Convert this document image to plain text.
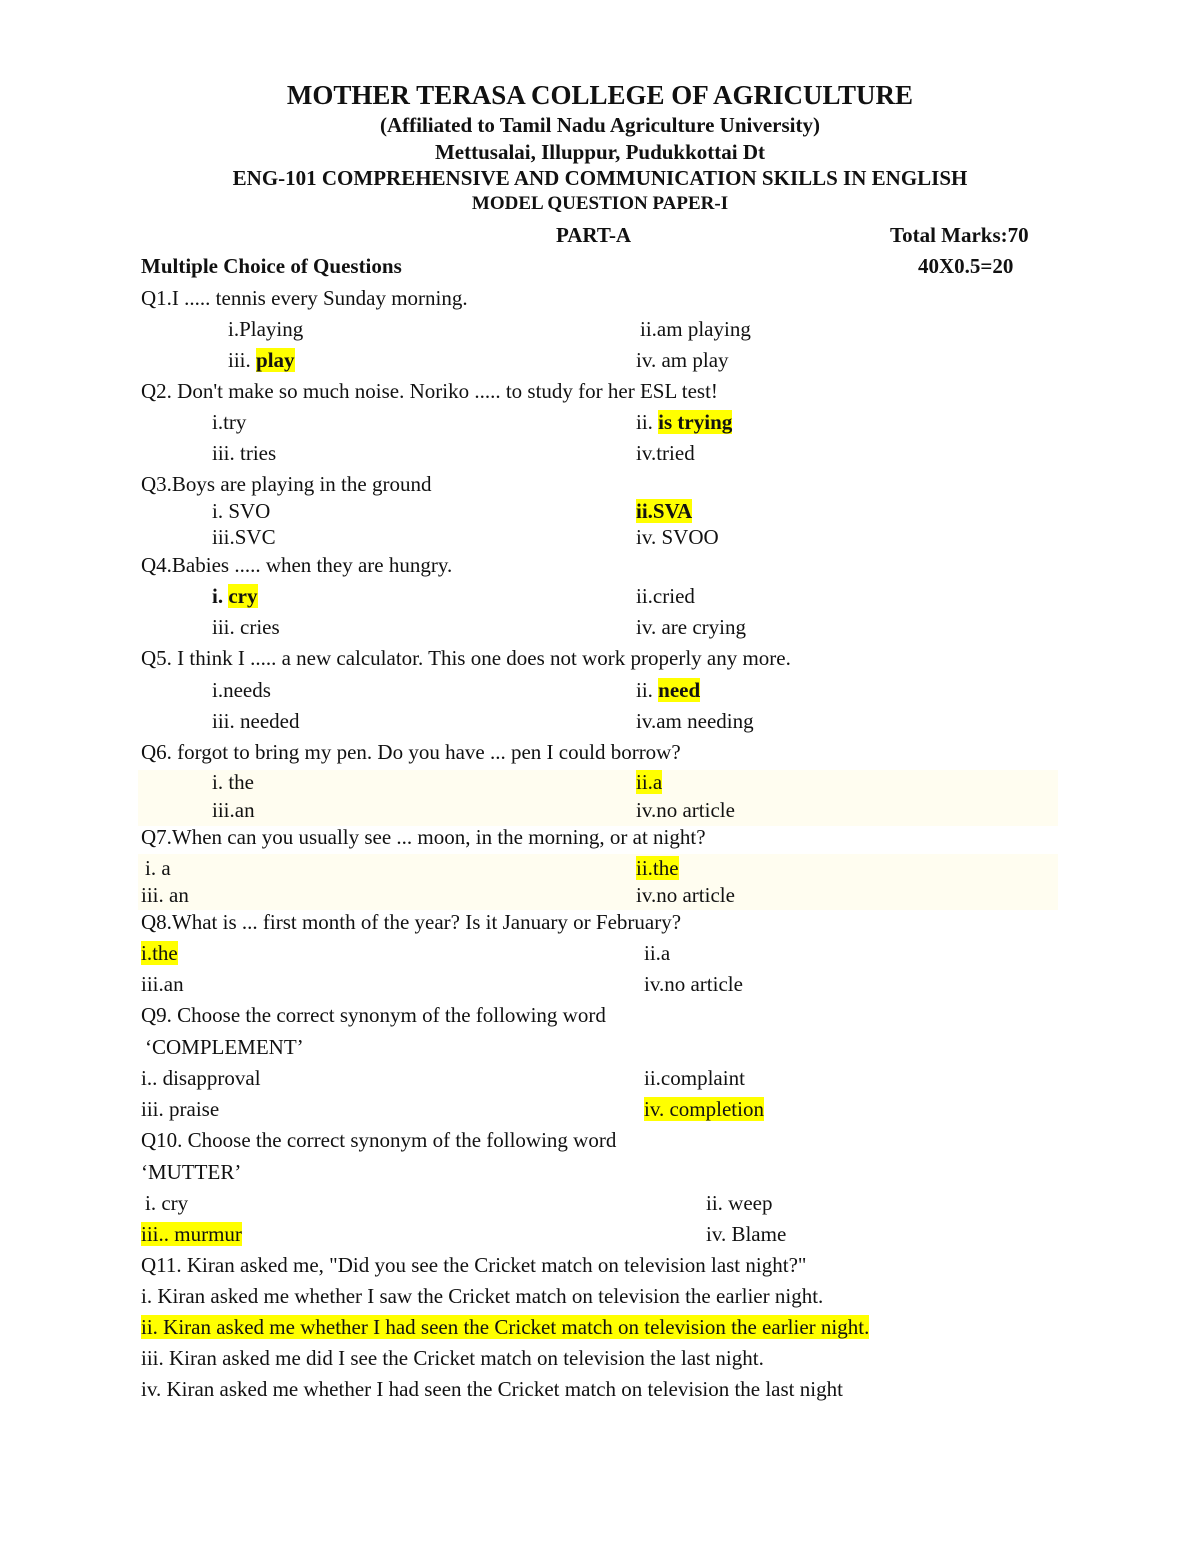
MOTHER TERASA COLLEGE OF AGRICULTURE
(Affiliated to Tamil Nadu Agriculture University)
Mettusalai, Illuppur, Pudukkottai Dt
ENG-101 COMPREHENSIVE AND COMMUNICATION SKILLS IN ENGLISH
MODEL QUESTION PAPER-I
PART-A	Total Marks:70
Multiple Choice of Questions	40X0.5=20
Q1.I ..... tennis every Sunday morning.
i.Playing	ii.am playing
iii. play	iv. am play
Q2. Don't make so much noise. Noriko ..... to study for her ESL test!
i.try	ii. is trying
iii. tries	iv.tried
Q3.Boys are playing in the ground
i. SVO	ii.SVA
iii.SVC	iv. SVOO
Q4.Babies ..... when they are hungry.
i. cry	ii.cried
iii. cries	iv. are crying
Q5. I think I ..... a new calculator. This one does not work properly any more.
i.needs	ii. need
iii. needed	iv.am needing
Q6. forgot to bring my pen. Do you have ... pen I could borrow?
i. the	ii.a
iii.an	iv.no article
Q7.When can you usually see ... moon, in the morning, or at night?
i. a	ii.the
iii. an	iv.no article
Q8.What is ... first month of the year? Is it January or February?
i.the	ii.a
iii.an	iv.no article
Q9. Choose the correct synonym of the following word
‘COMPLEMENT’
i.. disapproval	ii.complaint
iii. praise	iv. completion
Q10. Choose the correct synonym of the following word
‘MUTTER’
i. cry	ii. weep
iii.. murmur	iv. Blame
Q11. Kiran asked me, "Did you see the Cricket match on television last night?"
i. Kiran asked me whether I saw the Cricket match on television the earlier night.
ii. Kiran asked me whether I had seen the Cricket match on television the earlier night.
iii. Kiran asked me did I see the Cricket match on television the last night.
iv. Kiran asked me whether I had seen the Cricket match on television the last night
